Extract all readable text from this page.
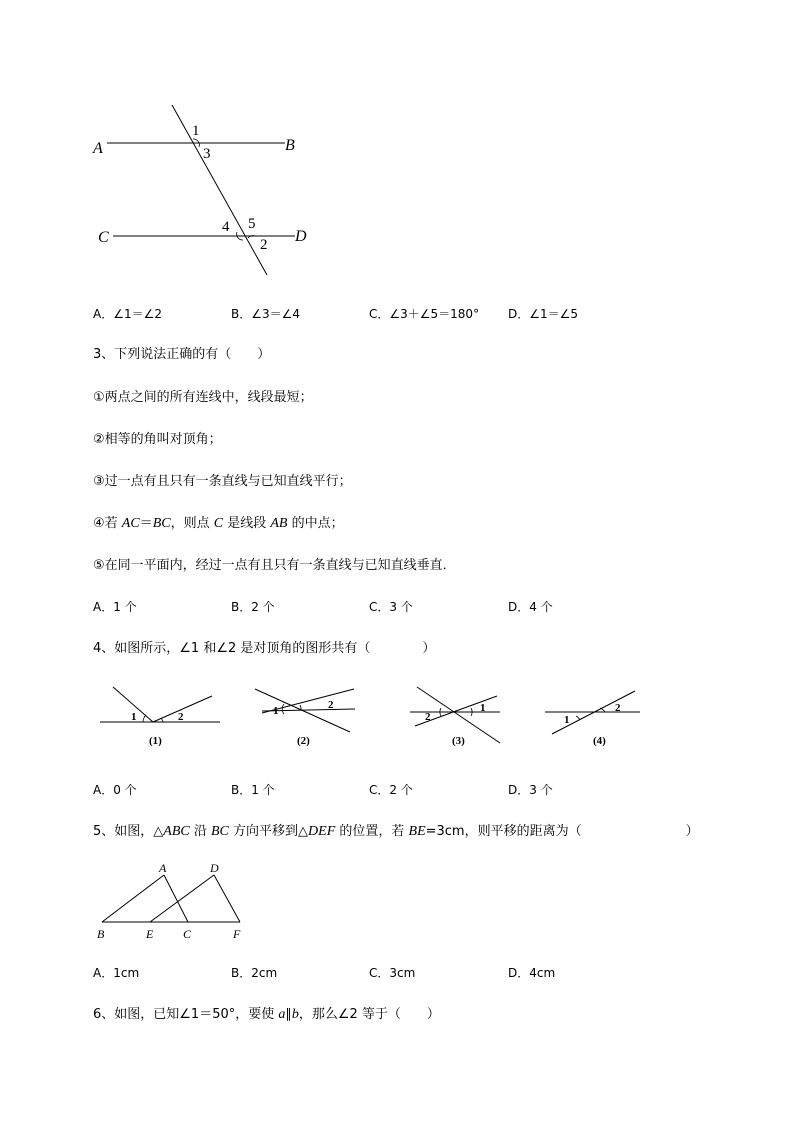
A	B
C	D
1
3
4 5
2
A．∠1＝∠2	B．∠3＝∠4	C．∠3＋∠5＝180° D．∠1＝∠5
3、下列说法正确的有（　　）
①两点之间的所有连线中，线段最短；
②相等的角叫对顶角；
③过一点有且只有一条直线与已知直线平行；
④若 AC＝BC，则点 C 是线段 AB 的中点；
⑤在同一平面内，经过一点有且只有一条直线与已知直线垂直．
A．1 个	B．2 个	C．3 个	D．4 个
4、如图所示，∠1 和∠2 是对顶角的图形共有（　　　　）
1	2
(1)
1	2
(2)
2
1
(3)
1
2
(4)
A．0 个	B．1 个	C．2 个	D．3 个
5、如图，△ABC 沿 BC 方向平移到△DEF 的位置，若 BE=3cm，则平移的距离为（　　　　　　　　）
A	D
B	E C	F
A．1cm	B．2cm	C．3cm	D．4cm
6、如图，已知∠1＝50°，要使 a∥b，那么∠2 等于（　　）
